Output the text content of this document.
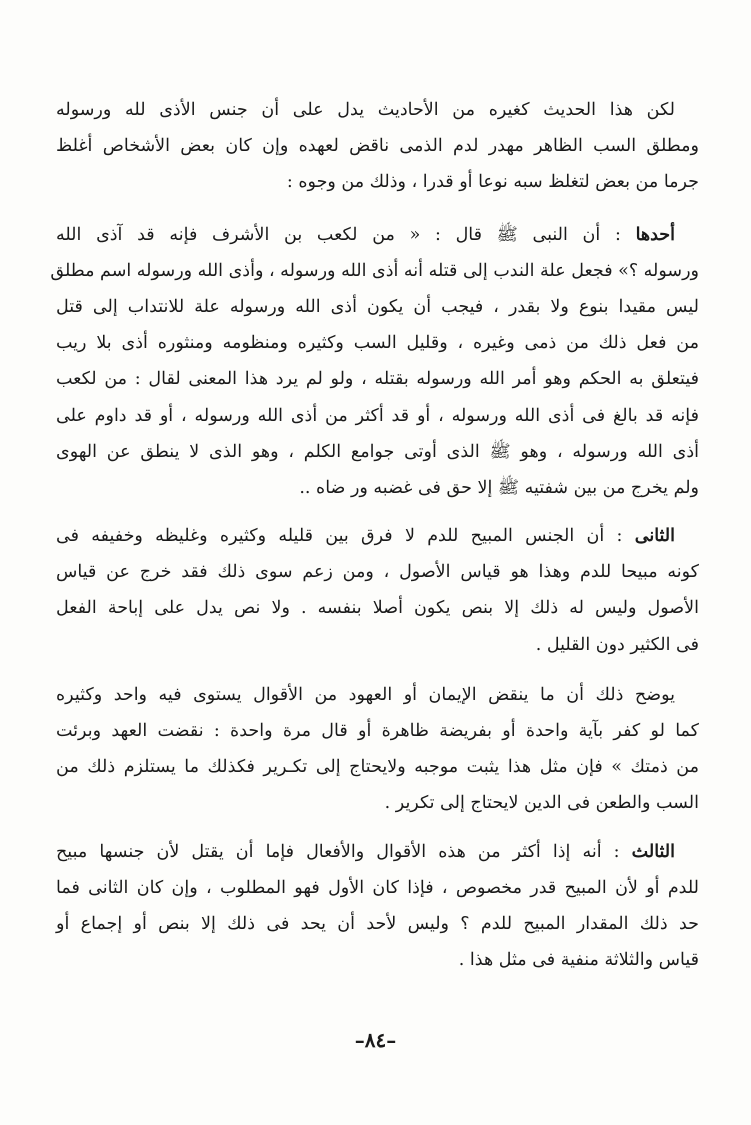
لكن هذا الحديث كغيره من الأحاديث يدل على أن جنس الأذى لله ورسوله
ومطلق السب الظاهر مهدر لدم الذمى ناقض لعهده وإن كان بعض الأشخاص أغلظ
جرما من بعض لتغلظ سبه نوعا أو قدرا ، وذلك من وجوه :
أحدها : أن النبى ﷺ قال : « من لكعب بن الأشرف فإنه قد آذى الله
ورسوله ؟» فجعل علة الندب إلى قتله أنه أذى الله ورسوله ، وأذى الله ورسوله اسم مطلق
ليس مقيدا بنوع ولا بقدر ، فيجب أن يكون أذى الله ورسوله علة للانتداب إلى قتل
من فعل ذلك من ذمى وغيره ، وقليل السب وكثيره ومنظومه ومنثوره أذى بلا ريب
فيتعلق به الحكم وهو أمر الله ورسوله بقتله ، ولو لم يرد هذا المعنى لقال : من لكعب
فإنه قد بالغ فى أذى الله ورسوله ، أو قد أكثر من أذى الله ورسوله ، أو قد داوم على
أذى الله ورسوله ، وهو ﷺ الذى أوتى جوامع الكلم ، وهو الذى لا ينطق عن الهوى
ولم يخرج من بين شفتيه ﷺ إلا حق فى غضبه ور ضاه ..
الثانى : أن الجنس المبيح للدم لا فرق بين قليله وكثيره وغليظه وخفيفه فى
كونه مبيحا للدم وهذا هو قياس الأصول ، ومن زعم سوى ذلك فقد خرج عن قياس
الأصول وليس له ذلك إلا بنص يكون أصلا بنفسه . ولا نص يدل على إباحة الفعل
فى الكثير دون القليل .
يوضح ذلك أن ما ينقض الإيمان أو العهود من الأقوال يستوى فيه واحد وكثيره
كما لو كفر بآية واحدة أو بفريضة ظاهرة أو قال مرة واحدة : نقضت العهد وبرئت
من ذمتك » فإن مثل هذا يثبت موجبه ولايحتاج إلى تكـرير فكذلك ما يستلزم ذلك من
السب والطعن فى الدين لايحتاج إلى تكرير .
الثالث : أنه إذا أكثر من هذه الأقوال والأفعال فإما أن يقتل لأن جنسها مبيح
للدم أو لأن المبيح قدر مخصوص ، فإذا كان الأول فهو المطلوب ، وإن كان الثانى فما
حد ذلك المقدار المبيح للدم ؟ وليس لأحد أن يحد فى ذلك إلا بنص أو إجماع أو
قياس والثلاثة منفية فى مثل هذا .
–٨٤–
